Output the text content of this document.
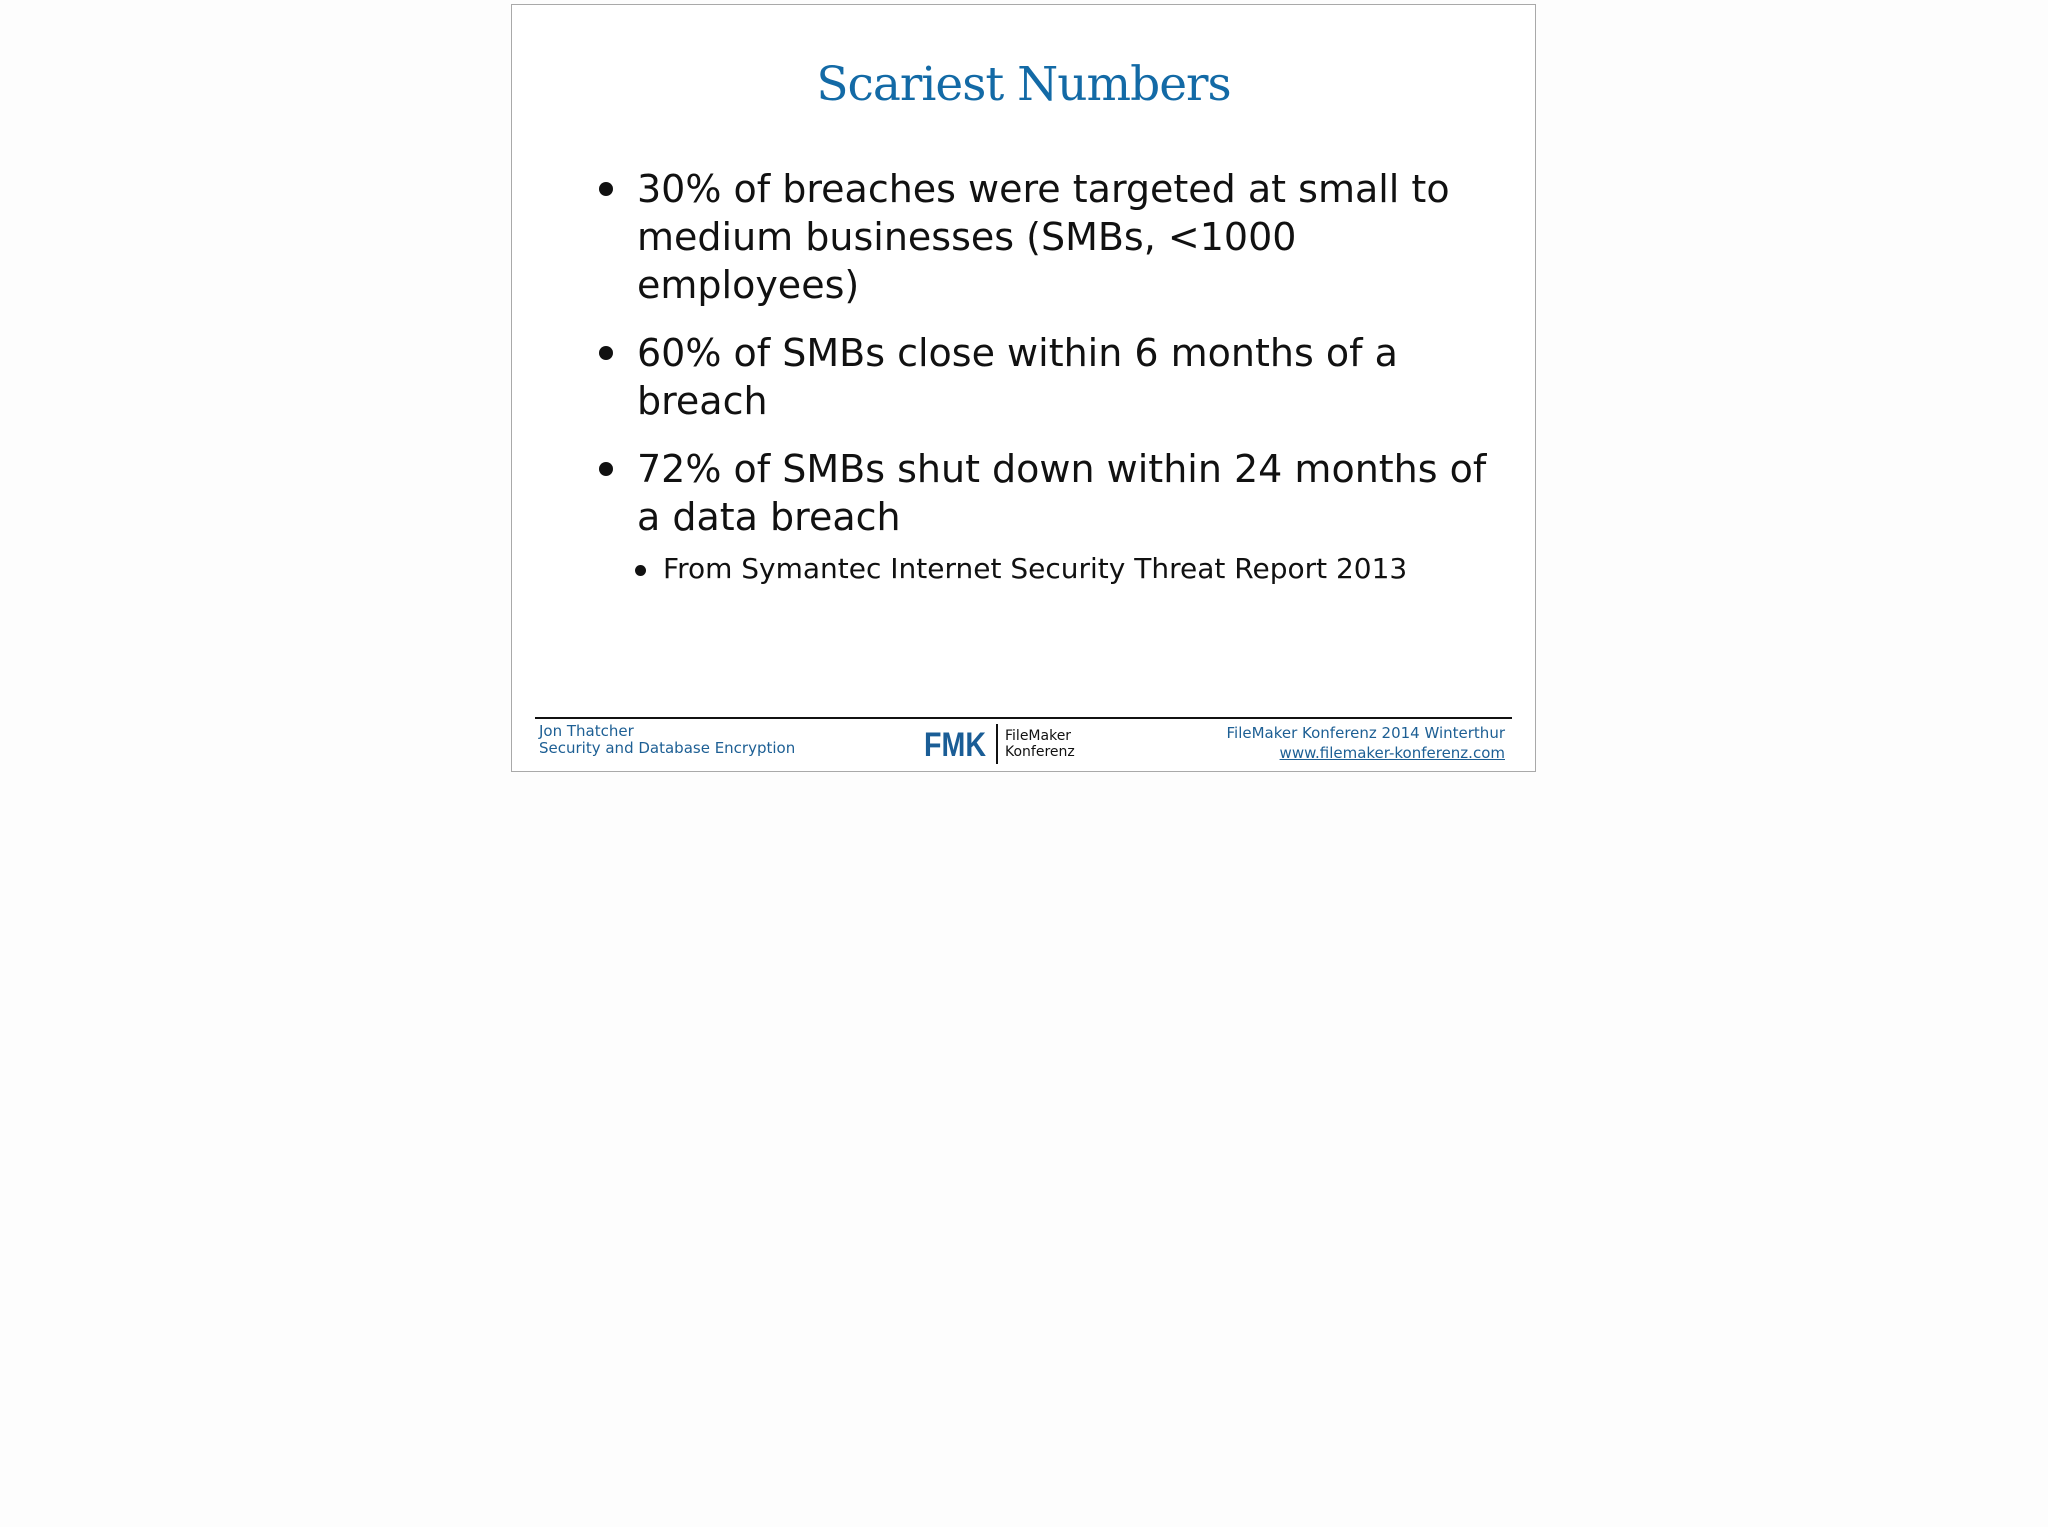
Scariest Numbers
30% of breaches were targeted at small to medium businesses (SMBs, <1000 employees)
60% of SMBs close within 6 months of a breach
72% of SMBs shut down within 24 months of a data breach
From Symantec Internet Security Threat Report 2013
Jon Thatcher
Security and Database Encryption	FMK FileMaker
Konferenz
FileMaker Konferenz 2014 Winterthur
www.filemaker-konferenz.com
